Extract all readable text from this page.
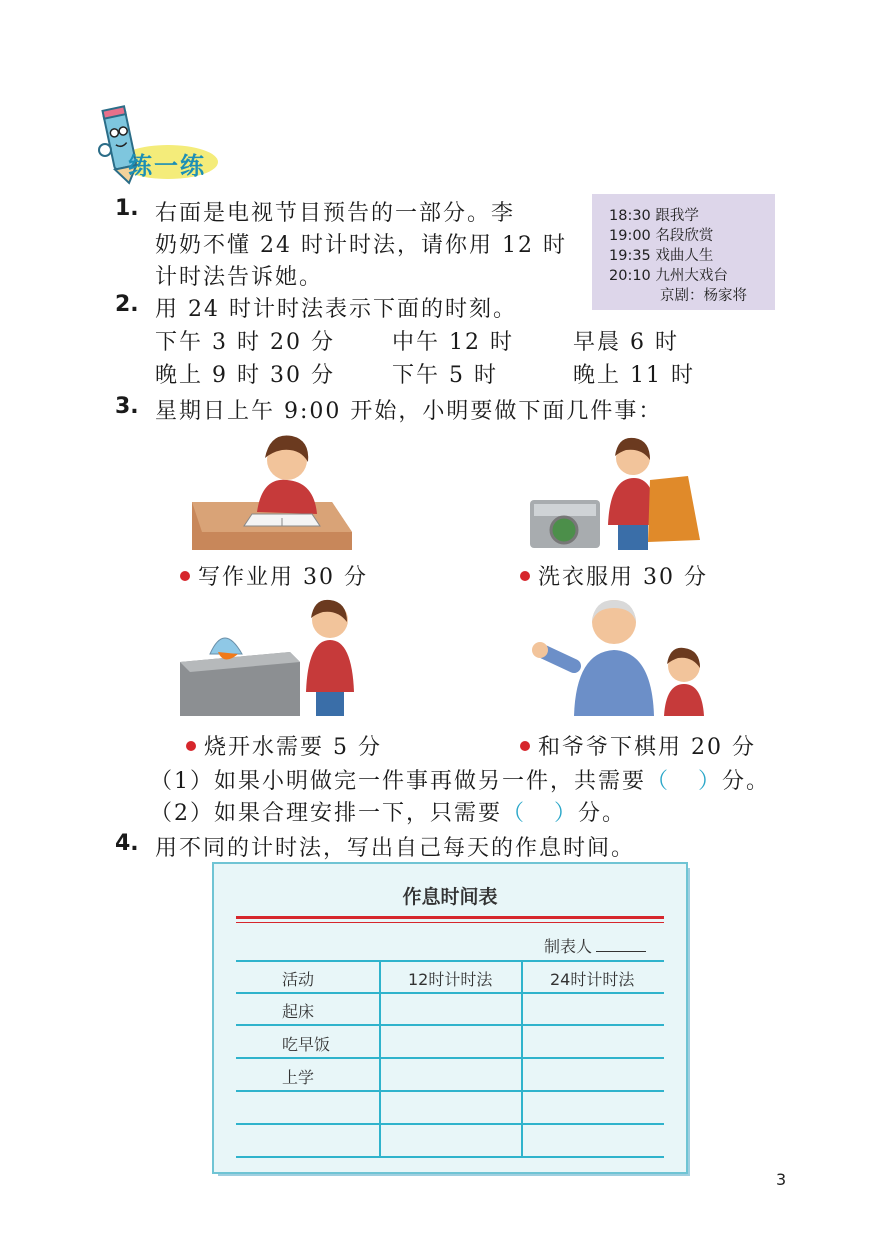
练一练
1. 右面是电视节目预告的一部分。李
奶奶不懂 24 时计时法，请你用 12 时
计时法告诉她。
18:30 跟我学
19:00 名段欣赏
19:35 戏曲人生
20:10 九州大戏台
京剧：杨家将
2. 用 24 时计时法表示下面的时刻。
下午 3 时 20 分	中午 12 时	早晨 6 时
晚上 9 时 30 分	下午 5 时	晚上 11 时
3. 星期日上午 9:00 开始，小明要做下面几件事：
写作业用 30 分	洗衣服用 30 分
烧开水需要 5 分	和爷爷下棋用 20 分
（1）如果小明做完一件事再做另一件，共需要（ ）分。
（2）如果合理安排一下，只需要（ ）分。
4. 用不同的计时法，写出自己每天的作息时间。
作息时间表
制表人
活动	12时计时法	24时计时法
起床
吃早饭
上学
3
